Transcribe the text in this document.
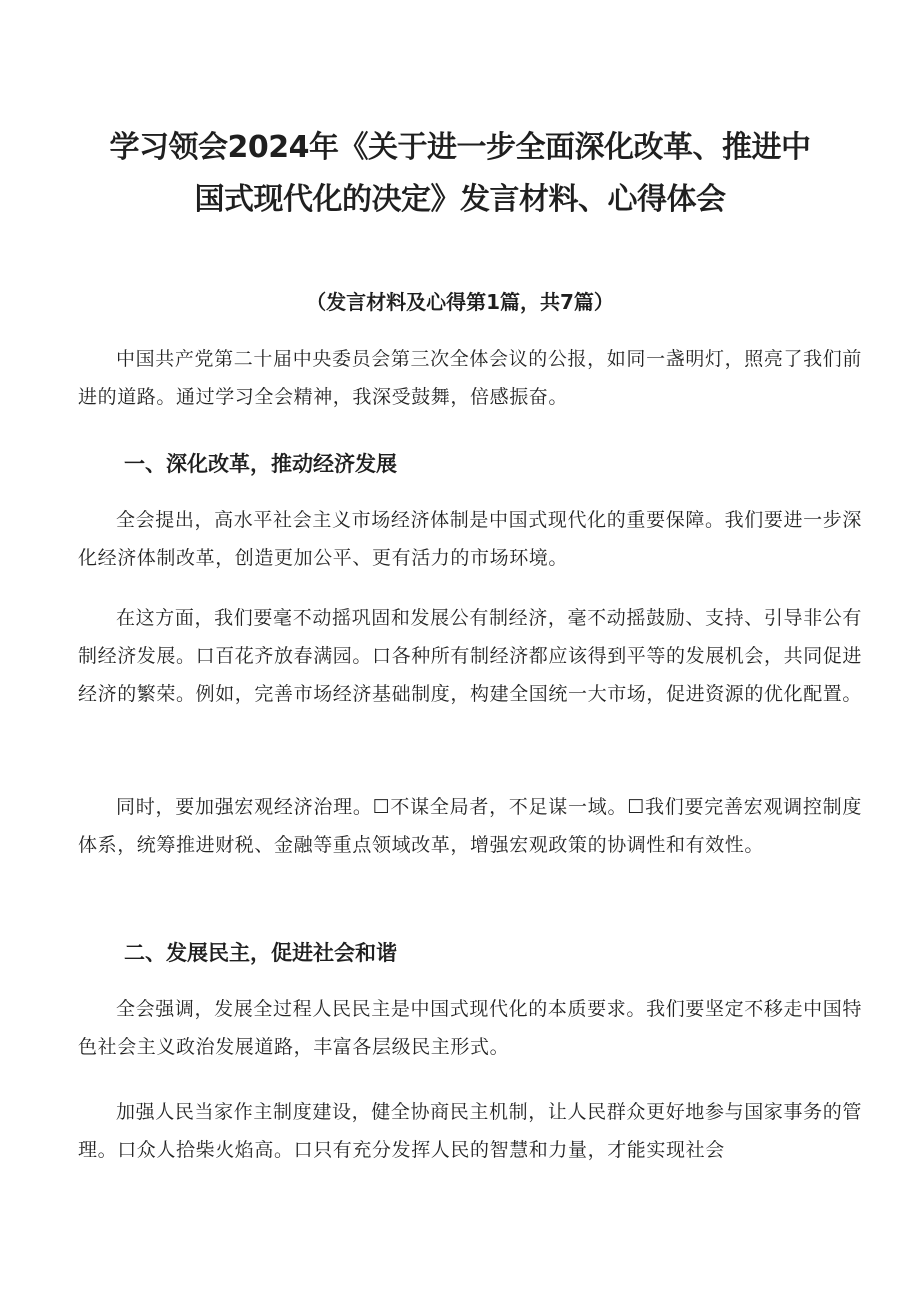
学习领会2024年《关于进一步全面深化改革、推进中
国式现代化的决定》发言材料、心得体会
（发言材料及心得第1篇，共7篇）

中国共产党第二十届中央委员会第三次全体会议的公报，如同一盏明灯，照亮了我们前进的道路。通过学习全会精神，我深受鼓舞，倍感振奋。

一、深化改革，推动经济发展

全会提出，高水平社会主义市场经济体制是中国式现代化的重要保障。我们要进一步深化经济体制改革，创造更加公平、更有活力的市场环境。

在这方面，我们要毫不动摇巩固和发展公有制经济，毫不动摇鼓励、支持、引导非公有制经济发展。口百花齐放春满园。口各种所有制经济都应该得到平等的发展机会，共同促进经济的繁荣。例如，完善市场经济基础制度，构建全国统一大市场，促进资源的优化配置。

同时，要加强宏观经济治理。☐不谋全局者，不足谋一域。☐我们要完善宏观调控制度体系，统筹推进财税、金融等重点领域改革，增强宏观政策的协调性和有效性。

二、发展民主，促进社会和谐

全会强调，发展全过程人民民主是中国式现代化的本质要求。我们要坚定不移走中国特色社会主义政治发展道路，丰富各层级民主形式。

加强人民当家作主制度建设，健全协商民主机制，让人民群众更好地参与国家事务的管理。口众人拾柴火焰高。口只有充分发挥人民的智慧和力量，才能实现社会
